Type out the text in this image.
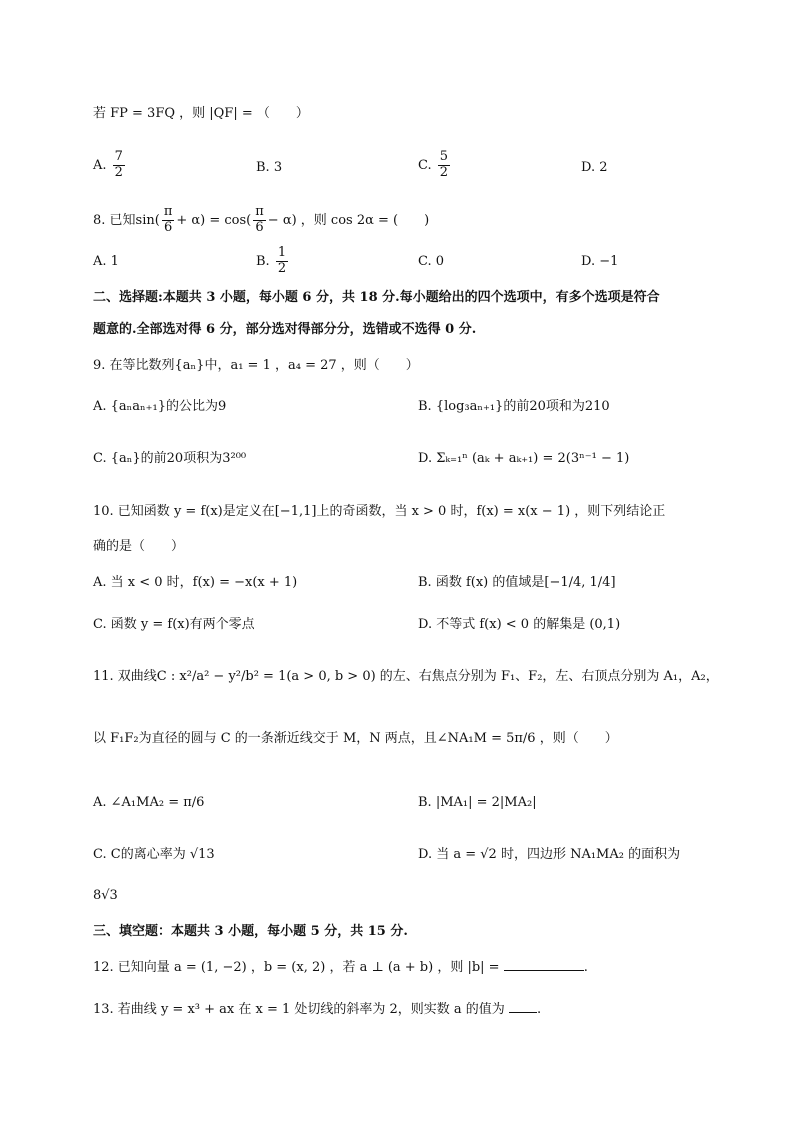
若 FP = 3FQ ，则 |QF| = （　　）
A. $\frac{7}{2}$	B. 3	C. $\frac{5}{2}$	D. 2
8. 已知$\sin( \frac{\pi}{6} + \alpha) = \cos( \frac{\pi}{6} - \alpha)$ ，则 cos 2α = (　　)
A. 1	B. $\frac{1}{2}$	C. 0	D. −1
二、选择题:本题共 3 小题，每小题 6 分，共 18 分.每小题给出的四个选项中，有多个选项是符合
题意的.全部选对得 6 分，部分选对得部分分，选错或不选得 0 分.
9. 在等比数列{aₙ}中，a₁ = 1 ，a₄ = 27 ，则（　　）
A. {aₙaₙ₊₁}的公比为9	B. {log₃aₙ₊₁}的前20项和为210
C. {aₙ}的前20项积为3²⁰⁰	D. Σₖ₌₁ⁿ (aₖ + aₖ₊₁) = 2(3ⁿ⁻¹ − 1)
10. 已知函数 y = f(x)是定义在[−1,1]上的奇函数，当 x > 0 时，f(x) = x(x − 1) ，则下列结论正
确的是（　　）
A. 当 x < 0 时，f(x) = −x(x + 1)	B. 函数 f(x) 的值域是[−1/4, 1/4]
C. 函数 y = f(x)有两个零点	D. 不等式 f(x) < 0 的解集是 (0,1)
11. 双曲线C : x²/a² − y²/b² = 1(a > 0, b > 0) 的左、右焦点分别为 F₁、F₂，左、右顶点分别为 A₁，A₂，
以 F₁F₂为直径的圆与 C 的一条渐近线交于 M，N 两点，且∠NA₁M = 5π/6 ，则（　　）
A. ∠A₁MA₂ = π/6	B. |MA₁| = 2|MA₂|
C. C的离心率为 √13	D. 当 a = √2 时，四边形 NA₁MA₂ 的面积为
8√3
三、填空题：本题共 3 小题，每小题 5 分，共 15 分.
12. 已知向量 a = (1, −2) ，b = (x, 2) ，若 a ⊥ (a + b) ，则 |b| =	.
13. 若曲线 y = x³ + ax 在 x = 1 处切线的斜率为 2，则实数 a 的值为 .
